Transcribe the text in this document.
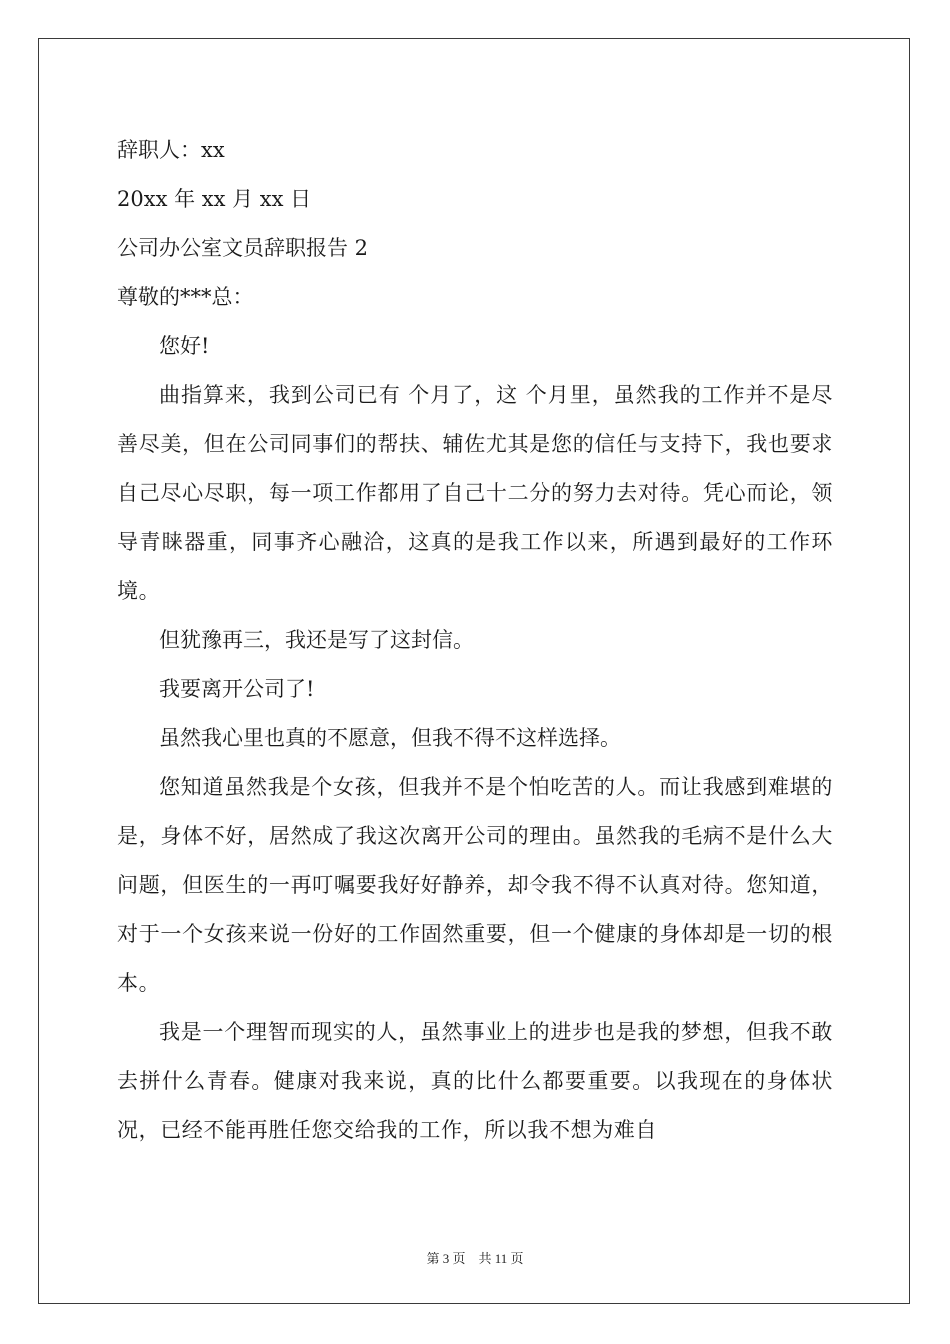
辞职人：xx

20xx 年 xx 月 xx 日

公司办公室文员辞职报告 2

尊敬的***总：

您好!

曲指算来，我到公司已有 个月了，这 个月里，虽然我的工作并不是尽善尽美，但在公司同事们的帮扶、辅佐尤其是您的信任与支持下，我也要求自己尽心尽职，每一项工作都用了自己十二分的努力去对待。凭心而论，领导青睐器重，同事齐心融洽，这真的是我工作以来，所遇到最好的工作环境。

但犹豫再三，我还是写了这封信。

我要离开公司了!

虽然我心里也真的不愿意，但我不得不这样选择。

您知道虽然我是个女孩，但我并不是个怕吃苦的人。而让我感到难堪的是，身体不好，居然成了我这次离开公司的理由。虽然我的毛病不是什么大问题，但医生的一再叮嘱要我好好静养，却令我不得不认真对待。您知道，对于一个女孩来说一份好的工作固然重要，但一个健康的身体却是一切的根本。

我是一个理智而现实的人，虽然事业上的进步也是我的梦想，但我不敢去拼什么青春。健康对我来说，真的比什么都要重要。以我现在的身体状况，已经不能再胜任您交给我的工作，所以我不想为难自

第 3 页 共 11 页
